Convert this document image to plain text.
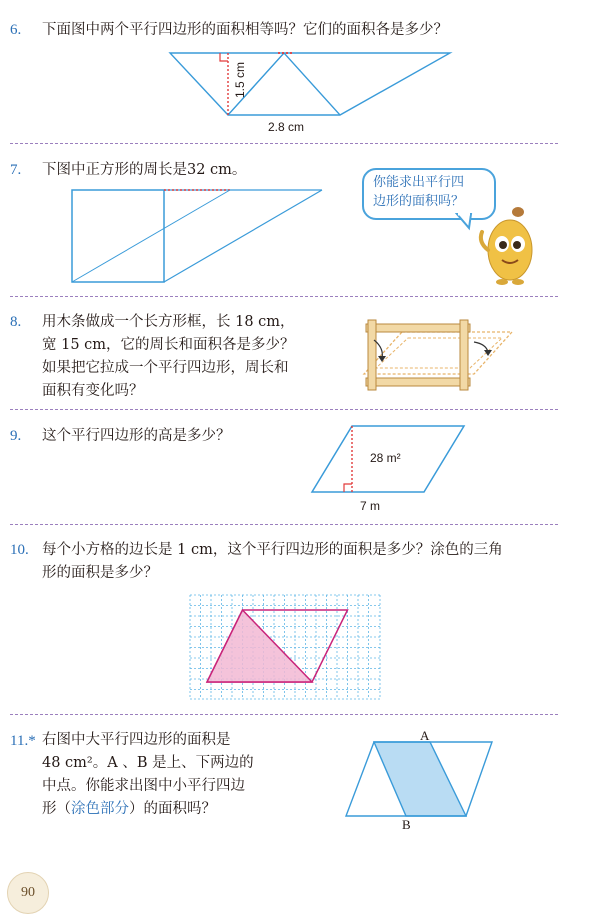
6. 下面图中两个平行四边形的面积相等吗？它们的面积各是多少？
1.5 cm
2.8 cm
7. 下图中正方形的周长是32 cm。
你能求出平行四
边形的面积吗？
8. 用木条做成一个长方形框，长 18 cm，
宽 15 cm，它的周长和面积各是多少？
如果把它拉成一个平行四边形，周长和
面积有变化吗？
9. 这个平行四边形的高是多少？
28 m²
7 m
10. 每个小方格的边长是 1 cm，这个平行四边形的面积是多少？涂色的三角
形的面积是多少？
11.* 右图中大平行四边形的面积是
48 cm²。A 、B 是上、下两边的
中点。你能求出图中小平行四边
形（涂色部分）的面积吗？
A
B
90
